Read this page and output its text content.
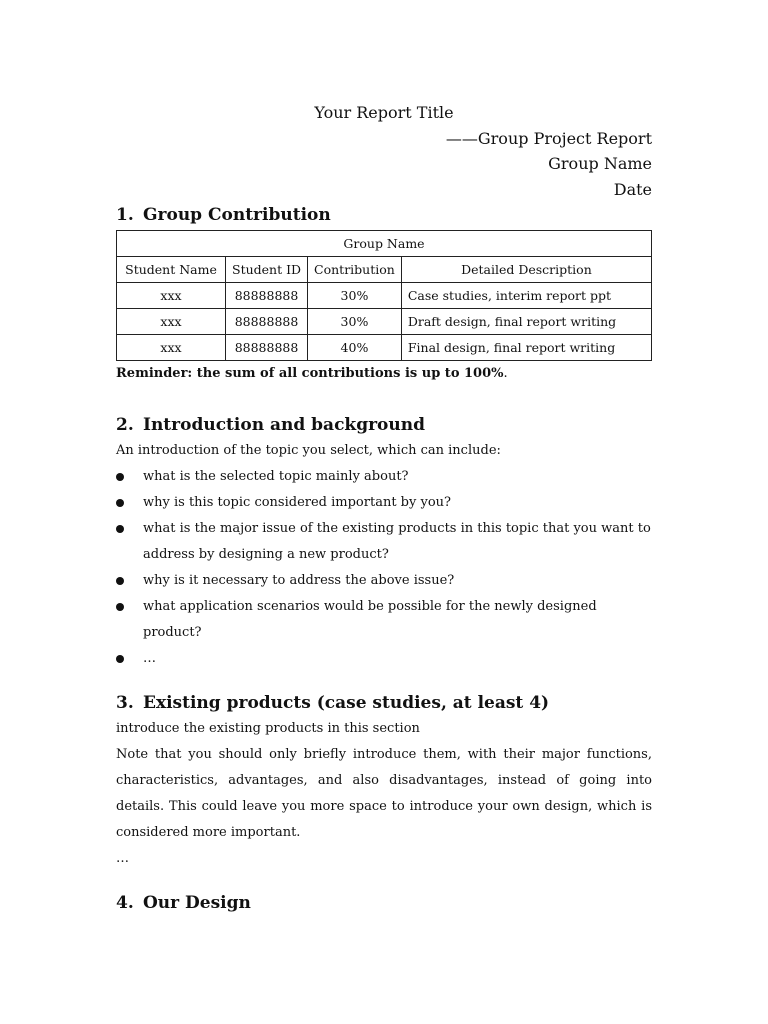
Your Report Title
——Group Project Report
Group Name
Date
1. Group Contribution
Group Name			
Student Name	Student ID	Contribution	Detailed Description
xxx	88888888	30%	Case studies, interim report ppt
xxx	88888888	30%	Draft design, final report writing
xxx	88888888	40%	Final design, final report writing
Reminder: the sum of all contributions is up to 100%.
2. Introduction and background

An introduction of the topic you select, which can include:

what is the selected topic mainly about?
why is this topic considered important by you?
what is the major issue of the existing products in this topic that you want to address by designing a new product?
why is it necessary to address the above issue?
what application scenarios would be possible for the newly designed product?
…
3. Existing products (case studies, at least 4)

introduce the existing products in this section

Note that you should only briefly introduce them, with their major functions, characteristics, advantages, and also disadvantages, instead of going into details. This could leave you more space to introduce your own design, which is considered more important.

…

4. Our Design
